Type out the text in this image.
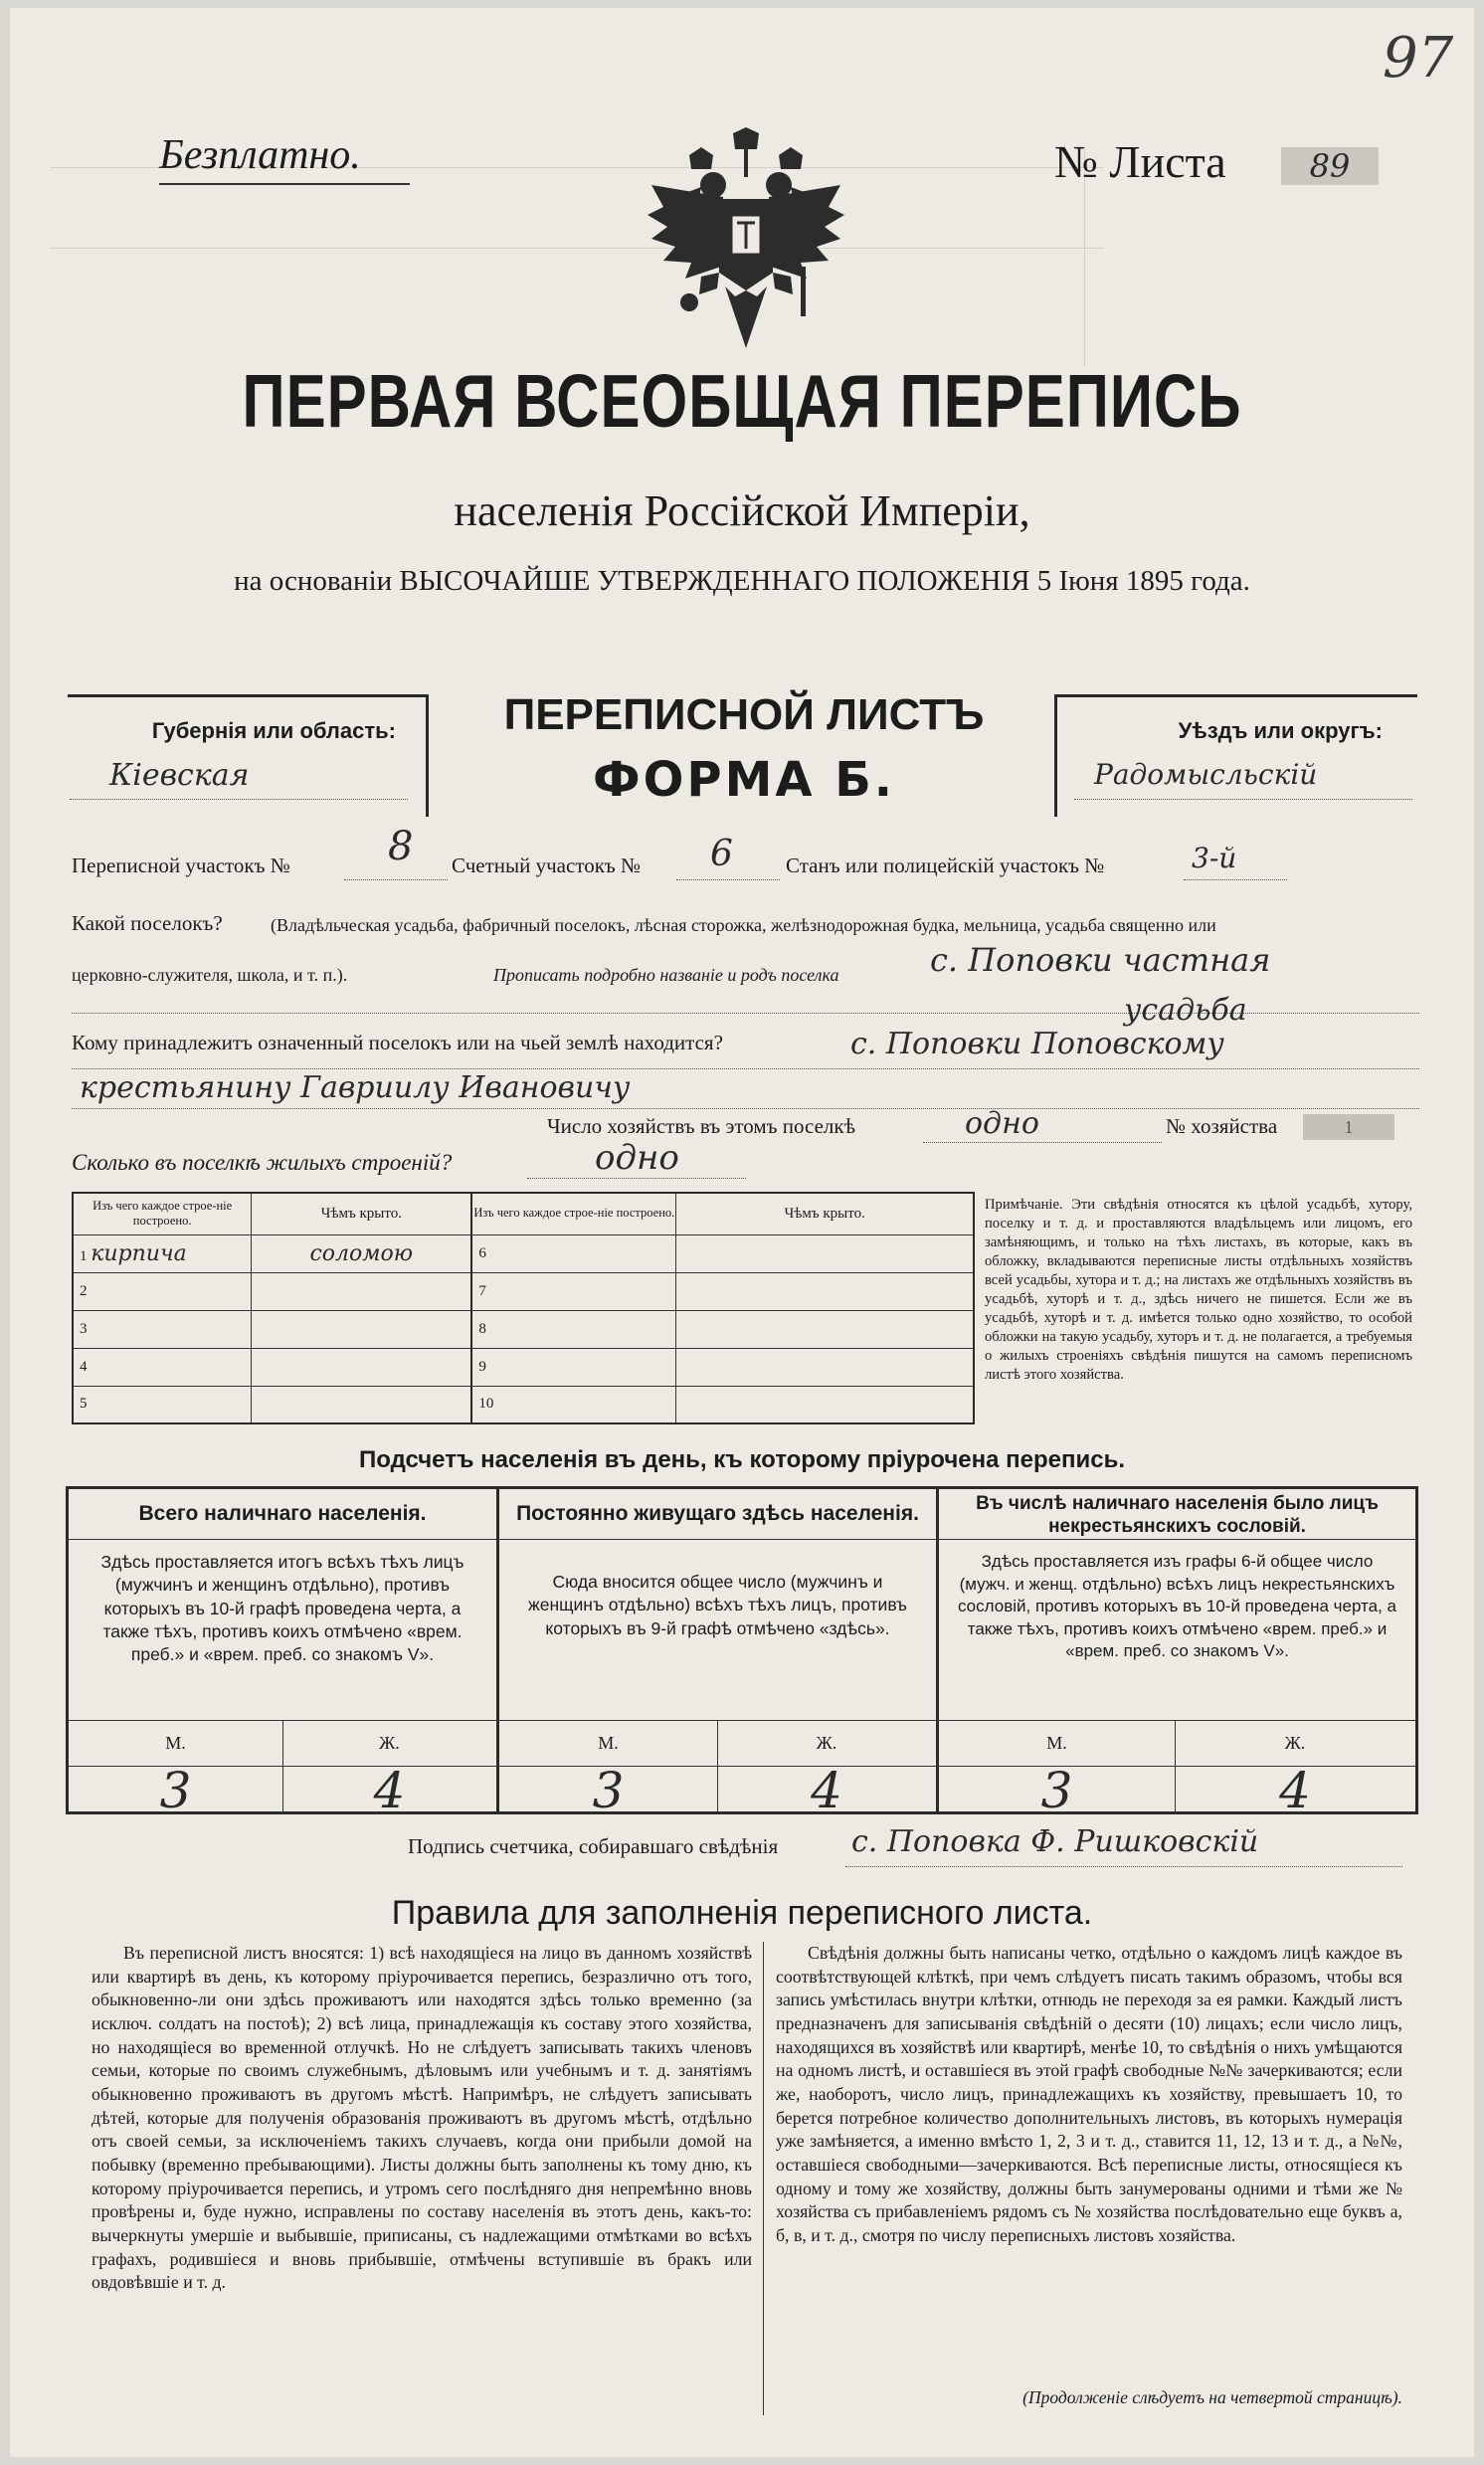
97
Безплатно.	№ Листа	89
ПЕРВАЯ ВСЕОБЩАЯ ПЕРЕПИСЬ
населенія Россійской Имперіи,
на основаніи ВЫСОЧАЙШЕ УТВЕРЖДЕННАГО ПОЛОЖЕНІЯ 5 Іюня 1895 года.
Губернія или область:
Кіевская
ПЕРЕПИСНОЙ ЛИСТЪ
ФОРМА Б.
Уѣздъ или округъ:
Радомысльскій
Переписной участокъ № 8 Счетный участокъ № 6	Станъ или полицейскій участокъ №	3-й
Какой поселокъ?	(Владѣльческая усадьба, фабричный поселокъ, лѣсная сторожка, желѣзнодорожная будка, мельница, усадьба священно или
церковно-служителя, школа, и т. п.).	Прописать подробно названіе и родъ поселка	с. Поповки частная
усадьба
Кому принадлежитъ означенный поселокъ или на чьей землѣ находится?	с. Поповки Поповскому
крестьянину Гавриилу Ивановичу
Число хозяйствъ въ этомъ поселкѣ	одно	№ хозяйства	1
Сколько въ поселкѣ жилыхъ строеній?	одно
Изъ чего каждое строе-ніе построено.	Чѣмъ крыто.	Изъ чего каждое строе-ніе построено.	Чѣмъ крыто.
1 кирпича	соломою	6	
2		7	
3		8	
4		9	
5		10	
Примѣчаніе. Эти свѣдѣнія относятся къ цѣлой усадьбѣ, хутору, поселку и т. д. и проставляются владѣльцемъ или лицомъ, его замѣняющимъ, и только на тѣхъ листахъ, въ которые, какъ въ обложку, вкладываются переписные листы отдѣльныхъ хозяйствъ всей усадьбы, хутора и т. д.; на листахъ же отдѣльныхъ хозяйствъ въ усадьбѣ, хуторѣ и т. д., здѣсь ничего не пишется. Если же въ усадьбѣ, хуторѣ и т. д. имѣется только одно хозяйство, то особой обложки на такую усадьбу, хуторъ и т. д. не полагается, а требуемыя о жилыхъ строеніяхъ свѣдѣнія пишутся на самомъ переписномъ листѣ этого хозяйства.
Подсчетъ населенія въ день, къ которому пріурочена перепись.
Всего наличнаго населенія.
Здѣсь проставляется итогъ всѣхъ тѣхъ лицъ (мужчинъ и женщинъ отдѣльно), противъ которыхъ въ 10-й графѣ проведена черта, а также тѣхъ, противъ коихъ отмѣчено «врем. преб.» и «врем. преб. со знакомъ V».
М.	Ж.
3	4
Постоянно живущаго здѣсь населенія.
Сюда вносится общее число (мужчинъ и женщинъ отдѣльно) всѣхъ тѣхъ лицъ, противъ которыхъ въ 9-й графѣ отмѣчено «здѣсь».
М.	Ж.
3	4
Въ числѣ наличнаго населенія было лицъ некрестьянскихъ сословій.
Здѣсь проставляется изъ графы 6-й общее число (мужч. и женщ. отдѣльно) всѣхъ лицъ некрестьянскихъ сословій, противъ которыхъ въ 10-й проведена черта, а также тѣхъ, противъ коихъ отмѣчено «врем. преб.» и «врем. преб. со знакомъ V».
М.	Ж.
3	4
Подпись счетчика, собиравшаго свѣдѣнія с. Поповка Ф. Ришковскій
Правила для заполненія переписного листа.
Въ переписной листъ вносятся: 1) всѣ находящіеся на лицо въ данномъ хозяйствѣ или квартирѣ въ день, къ которому пріурочивается перепись, безразлично отъ того, обыкновенно-ли они здѣсь проживаютъ или находятся здѣсь только временно (за исключ. солдатъ на постоѣ); 2) всѣ лица, принадлежащія къ составу этого хозяйства, но находящіеся во временной отлучкѣ. Но не слѣдуетъ записывать такихъ членовъ семьи, которые по своимъ служебнымъ, дѣловымъ или учебнымъ и т. д. занятіямъ обыкновенно проживаютъ въ другомъ мѣстѣ. Напримѣръ, не слѣдуетъ записывать дѣтей, которые для полученія образованія проживаютъ въ другомъ мѣстѣ, отдѣльно отъ своей семьи, за исключеніемъ такихъ случаевъ, когда они прибыли домой на побывку (временно пребывающими). Листы должны быть заполнены къ тому дню, къ которому пріурочивается перепись, и утромъ сего послѣдняго дня непремѣнно вновь провѣрены и, буде нужно, исправлены по составу населенія въ этотъ день, какъ-то: вычеркнуты умершіе и выбывшіе, приписаны, съ надлежащими отмѣтками во всѣхъ графахъ, родившіеся и вновь прибывшіе, отмѣчены вступившіе въ бракъ или овдовѣвшіе и т. д.
Свѣдѣнія должны быть написаны четко, отдѣльно о каждомъ лицѣ каждое въ соотвѣтствующей клѣткѣ, при чемъ слѣдуетъ писать такимъ образомъ, чтобы вся запись умѣстилась внутри клѣтки, отнюдь не переходя за ея рамки. Каждый листъ предназначенъ для записыванія свѣдѣній о десяти (10) лицахъ; если число лицъ, находящихся въ хозяйствѣ или квартирѣ, менѣе 10, то свѣдѣнія о нихъ умѣщаются на одномъ листѣ, и оставшіеся въ этой графѣ свободные №№ зачеркиваются; если же, наоборотъ, число лицъ, принадлежащихъ къ хозяйству, превышаетъ 10, то берется потребное количество дополнительныхъ листовъ, въ которыхъ нумерація уже замѣняется, а именно вмѣсто 1, 2, 3 и т. д., ставится 11, 12, 13 и т. д., а №№, оставшіеся свободными—зачеркиваются. Всѣ переписные листы, относящіеся къ одному и тому же хозяйству, должны быть занумерованы одними и тѣми же № хозяйства съ прибавленіемъ рядомъ съ № хозяйства послѣдовательно еще буквъ а, б, в, и т. д., смотря по числу переписныхъ листовъ хозяйства.
(Продолженіе слѣдуетъ на четвертой страницѣ).
